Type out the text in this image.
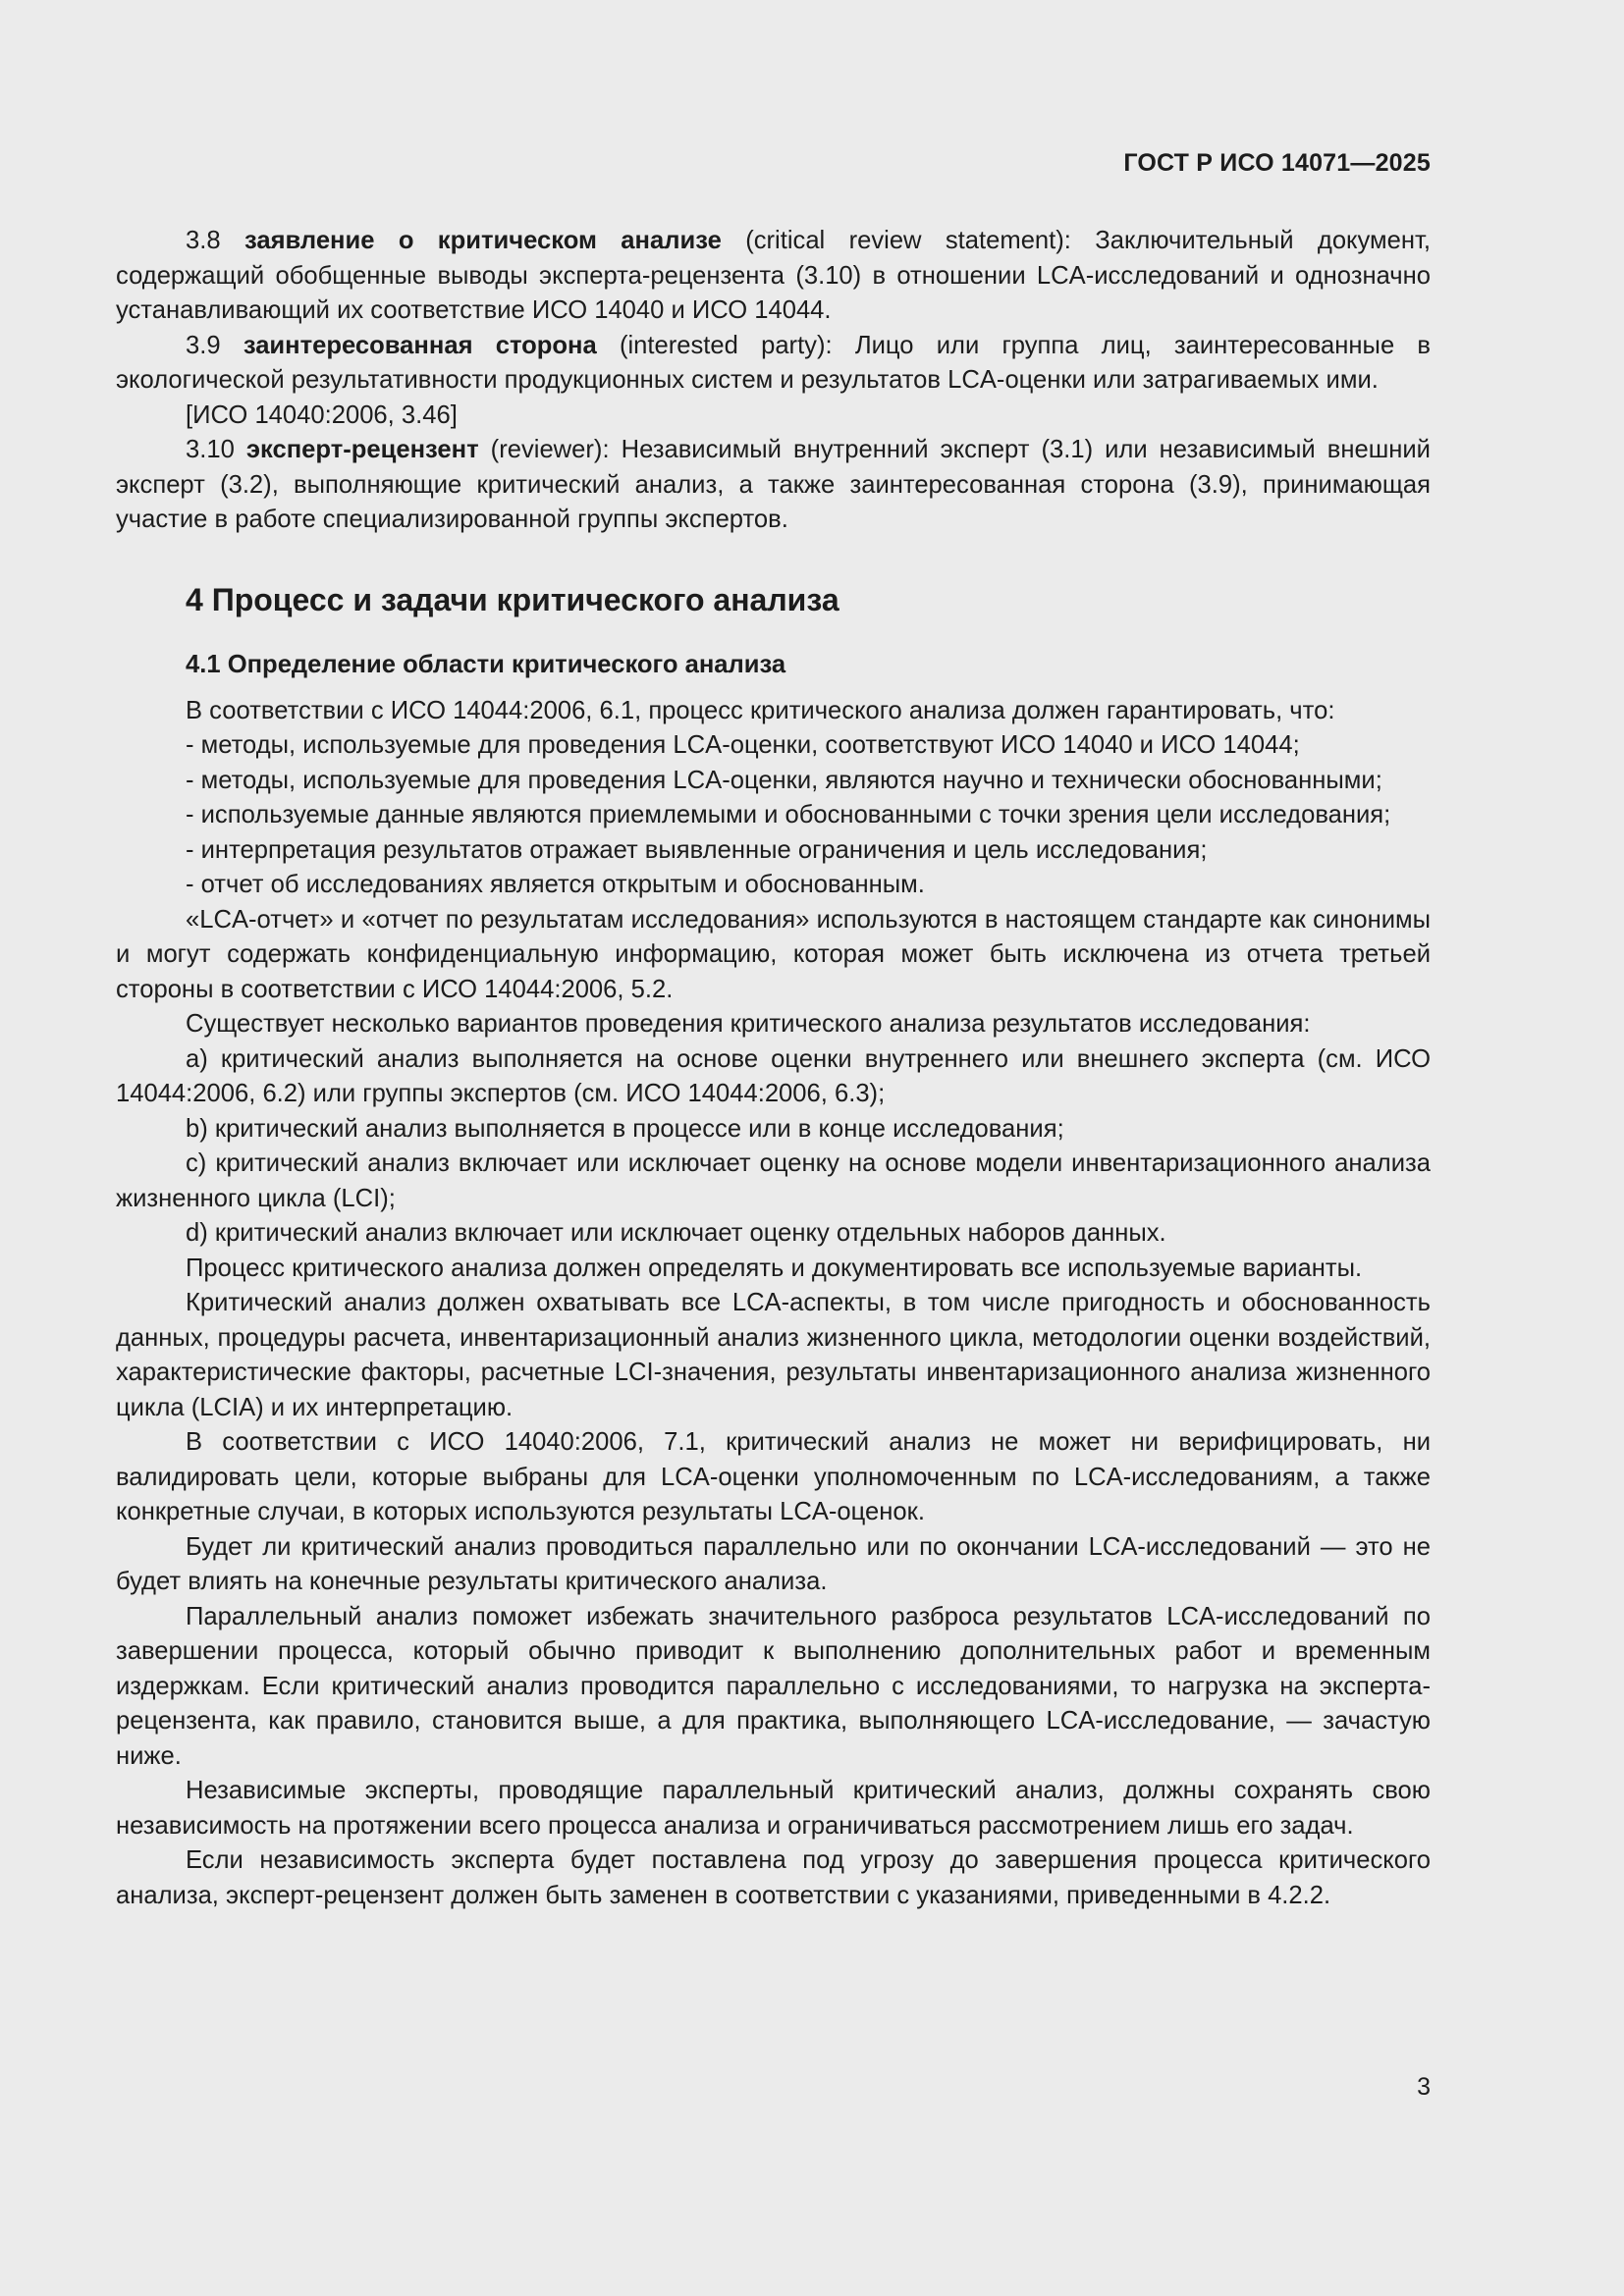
ГОСТ Р ИСО 14071—2025

3.8 заявление о критическом анализе (critical review statement): Заключительный документ, содержащий обобщенные выводы эксперта-рецензента (3.10) в отношении LCA-исследований и однозначно устанавливающий их соответствие ИСО 14040 и ИСО 14044.

3.9 заинтересованная сторона (interested party): Лицо или группа лиц, заинтересованные в экологической результативности продукционных систем и результатов LCA-оценки или затрагиваемых ими.

[ИСО 14040:2006, 3.46]

3.10 эксперт-рецензент (reviewer): Независимый внутренний эксперт (3.1) или независимый внешний эксперт (3.2), выполняющие критический анализ, а также заинтересованная сторона (3.9), принимающая участие в работе специализированной группы экспертов.

4 Процесс и задачи критического анализа
4.1 Определение области критического анализа

В соответствии с ИСО 14044:2006, 6.1, процесс критического анализа должен гарантировать, что:

- методы, используемые для проведения LCA-оценки, соответствуют ИСО 14040 и ИСО 14044;

- методы, используемые для проведения LCA-оценки, являются научно и технически обоснованными;

- используемые данные являются приемлемыми и обоснованными с точки зрения цели исследования;

- интерпретация результатов отражает выявленные ограничения и цель исследования;

- отчет об исследованиях является открытым и обоснованным.

«LCA-отчет» и «отчет по результатам исследования» используются в настоящем стандарте как синонимы и могут содержать конфиденциальную информацию, которая может быть исключена из отчета третьей стороны в соответствии с ИСО 14044:2006, 5.2.

Существует несколько вариантов проведения критического анализа результатов исследования:

a) критический анализ выполняется на основе оценки внутреннего или внешнего эксперта (см. ИСО 14044:2006, 6.2) или группы экспертов (см. ИСО 14044:2006, 6.3);

b) критический анализ выполняется в процессе или в конце исследования;

c) критический анализ включает или исключает оценку на основе модели инвентаризационного анализа жизненного цикла (LCI);

d) критический анализ включает или исключает оценку отдельных наборов данных.

Процесс критического анализа должен определять и документировать все используемые варианты.

Критический анализ должен охватывать все LCA-аспекты, в том числе пригодность и обоснованность данных, процедуры расчета, инвентаризационный анализ жизненного цикла, методологии оценки воздействий, характеристические факторы, расчетные LCI-значения, результаты инвентаризационного анализа жизненного цикла (LCIA) и их интерпретацию.

В соответствии с ИСО 14040:2006, 7.1, критический анализ не может ни верифицировать, ни валидировать цели, которые выбраны для LCA-оценки уполномоченным по LCA-исследованиям, а также конкретные случаи, в которых используются результаты LCA-оценок.

Будет ли критический анализ проводиться параллельно или по окончании LCA-исследований — это не будет влиять на конечные результаты критического анализа.

Параллельный анализ поможет избежать значительного разброса результатов LCA-исследований по завершении процесса, который обычно приводит к выполнению дополнительных работ и временным издержкам. Если критический анализ проводится параллельно с исследованиями, то нагрузка на эксперта-рецензента, как правило, становится выше, а для практика, выполняющего LCA-исследование, — зачастую ниже.

Независимые эксперты, проводящие параллельный критический анализ, должны сохранять свою независимость на протяжении всего процесса анализа и ограничиваться рассмотрением лишь его задач.

Если независимость эксперта будет поставлена под угрозу до завершения процесса критического анализа, эксперт-рецензент должен быть заменен в соответствии с указаниями, приведенными в 4.2.2.

3
